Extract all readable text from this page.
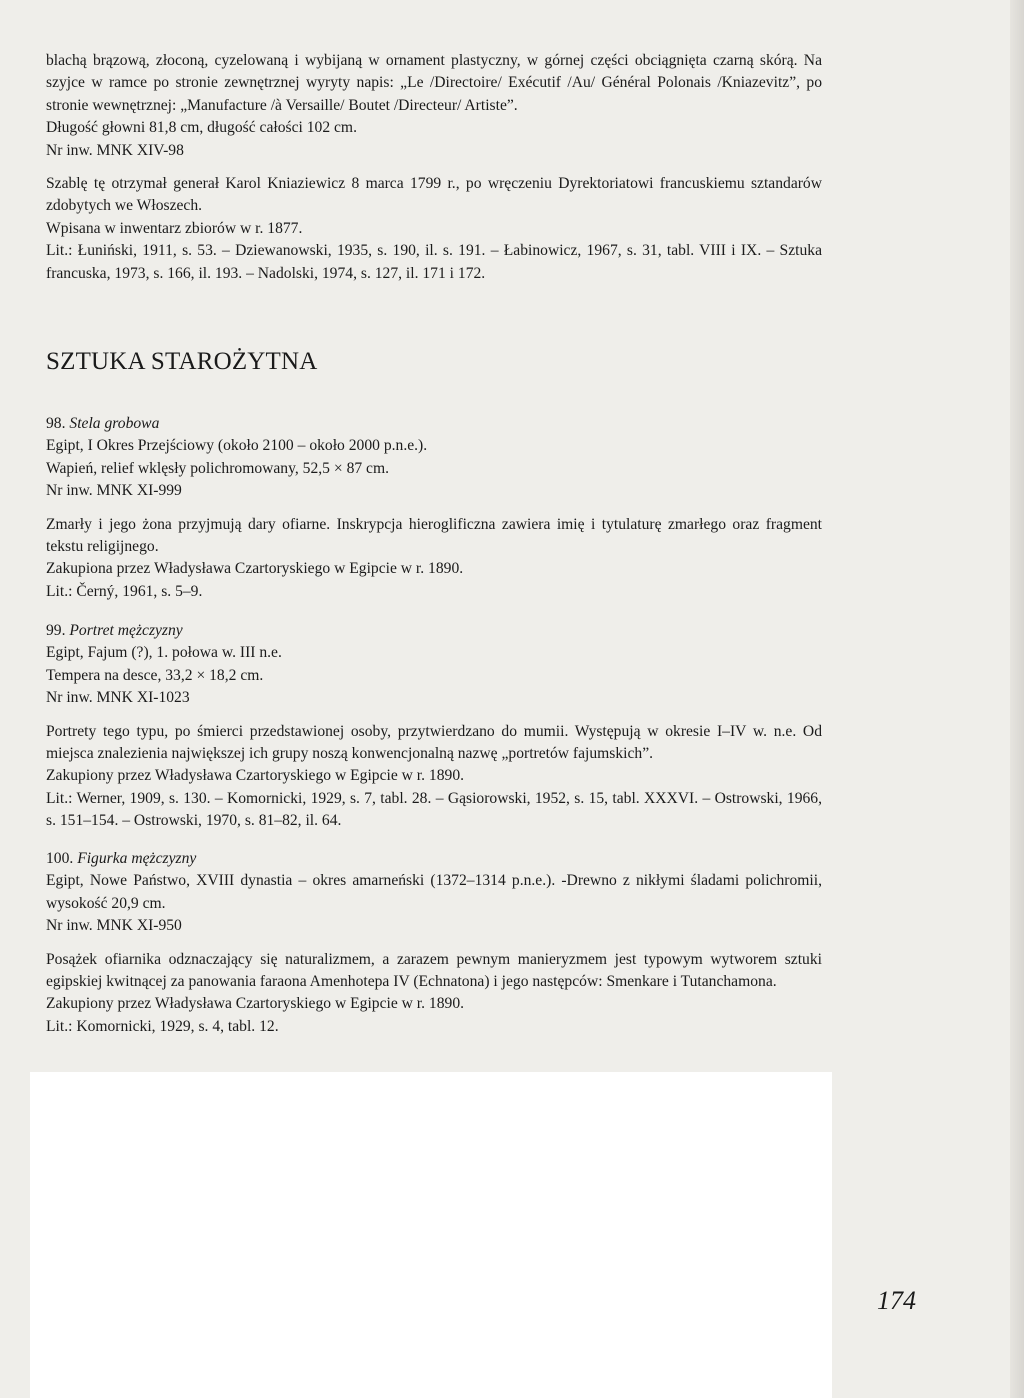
blachą brązową, złoconą, cyzelowaną i wybijaną w ornament plastyczny, w górnej części obciągnięta czarną skórą. Na szyjce w ramce po stronie zewnętrznej wyryty napis: „Le /Directoire/ Exécutif /Au/ Général Polonais /Kniazevitz”, po stronie wewnętrznej: „Manufacture /à Versaille/ Boutet /Directeur/ Artiste”.

Długość głowni 81,8 cm, długość całości 102 cm.

Nr inw. MNK XIV-98

Szablę tę otrzymał generał Karol Kniaziewicz 8 marca 1799 r., po wręczeniu Dyrektoriatowi francuskiemu sztandarów zdobytych we Włoszech.

Wpisana w inwentarz zbiorów w r. 1877.

Lit.: Łuniński, 1911, s. 53. – Dziewanowski, 1935, s. 190, il. s. 191. – Łabinowicz, 1967, s. 31, tabl. VIII i IX. – Sztuka francuska, 1973, s. 166, il. 193. – Nadolski, 1974, s. 127, il. 171 i 172.

SZTUKA STAROŻYTNA

98. Stela grobowa

Egipt, I Okres Przejściowy (około 2100 – około 2000 p.n.e.).

Wapień, relief wklęsły polichromowany, 52,5 × 87 cm.

Nr inw. MNK XI-999

Zmarły i jego żona przyjmują dary ofiarne. Inskrypcja hieroglificzna zawiera imię i tytulaturę zmarłego oraz fragment tekstu religijnego.

Zakupiona przez Władysława Czartoryskiego w Egipcie w r. 1890.

Lit.: Černý, 1961, s. 5–9.

99. Portret mężczyzny

Egipt, Fajum (?), 1. połowa w. III n.e.

Tempera na desce, 33,2 × 18,2 cm.

Nr inw. MNK XI-1023

Portrety tego typu, po śmierci przedstawionej osoby, przytwierdzano do mumii. Występują w okresie I–IV w. n.e. Od miejsca znalezienia największej ich grupy noszą konwencjonalną nazwę „portretów fajumskich”.

Zakupiony przez Władysława Czartoryskiego w Egipcie w r. 1890.

Lit.: Werner, 1909, s. 130. – Komornicki, 1929, s. 7, tabl. 28. – Gąsiorowski, 1952, s. 15, tabl. XXXVI. – Ostrowski, 1966, s. 151–154. – Ostrowski, 1970, s. 81–82, il. 64.

100. Figurka mężczyzny

Egipt, Nowe Państwo, XVIII dynastia – okres amarneński (1372–1314 p.n.e.). -Drewno z nikłymi śladami polichromii, wysokość 20,9 cm.

Nr inw. MNK XI-950

Posążek ofiarnika odznaczający się naturalizmem, a zarazem pewnym manieryzmem jest typowym wytworem sztuki egipskiej kwitnącej za panowania faraona Amenhotepa IV (Echnatona) i jego następców: Smenkare i Tutanchamona.

Zakupiony przez Władysława Czartoryskiego w Egipcie w r. 1890.

Lit.: Komornicki, 1929, s. 4, tabl. 12.

174
